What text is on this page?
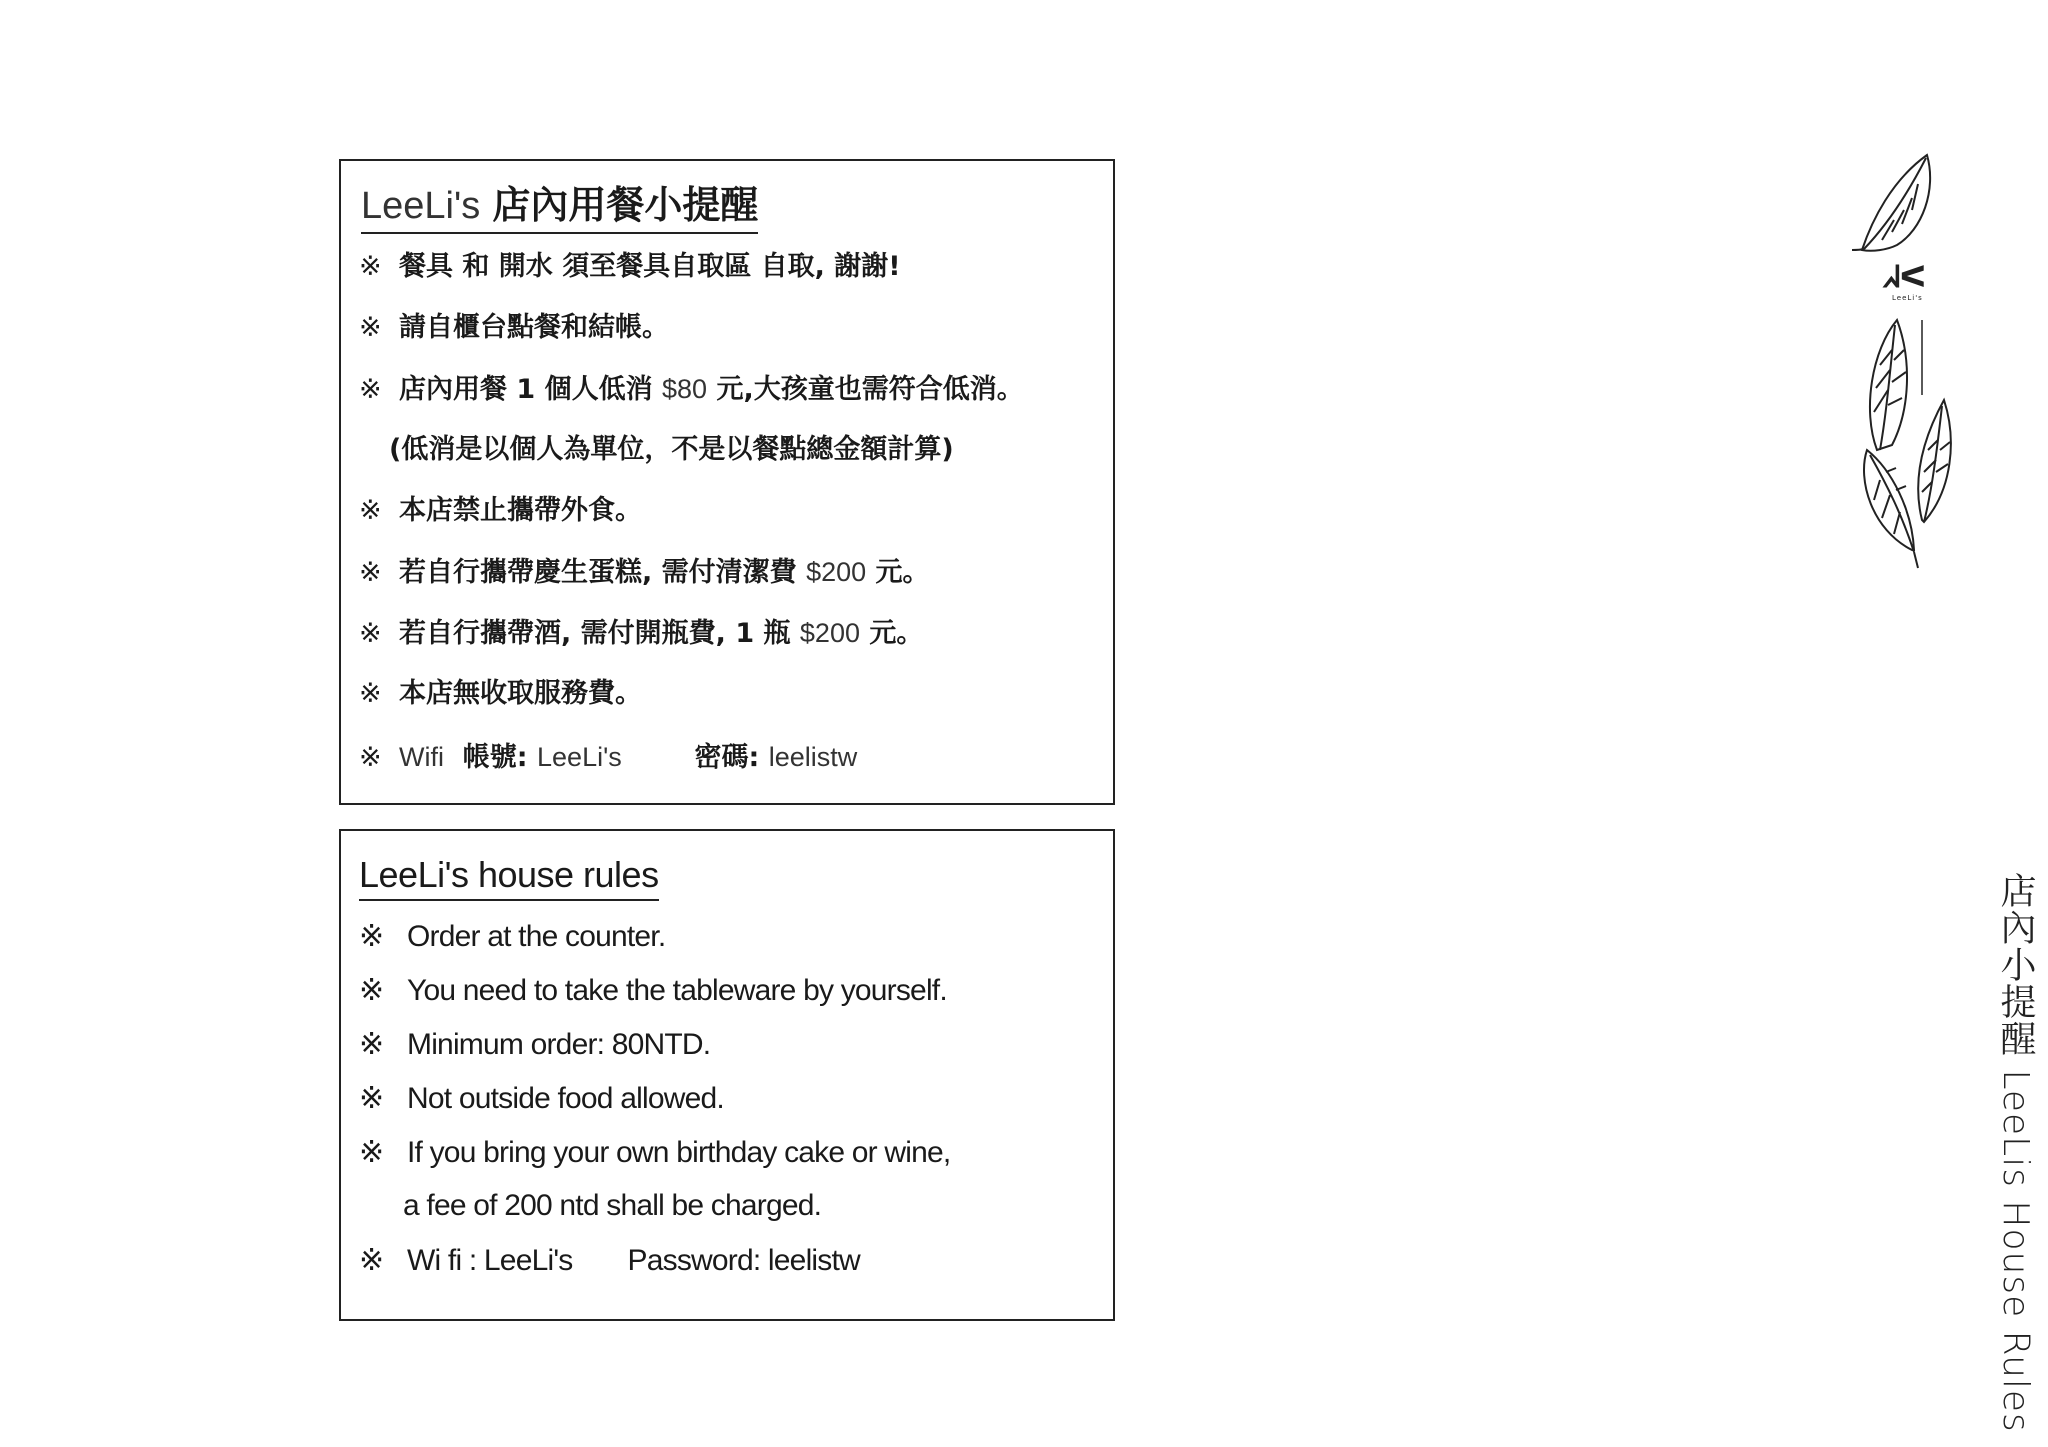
LeeLi's 店內用餐小提醒
※ 餐具 和 開水 須至餐具自取區 自取, 謝謝!
※ 請自櫃台點餐和結帳。
※ 店內用餐 1 個人低消 $80 元,大孩童也需符合低消。
(低消是以個人為單位，不是以餐點總金額計算)
※ 本店禁止攜帶外食。
※ 若自行攜帶慶生蛋糕, 需付清潔費 $200 元。
※ 若自行攜帶酒, 需付開瓶費, 1 瓶 $200 元。
※ 本店無收取服務費。
※ Wifi 帳號: LeeLi's	密碼: leelistw
LeeLi's house rules
※ Order at the counter.
※ You need to take the tableware by yourself.
※ Minimum order: 80NTD.
※ Not outside food allowed.
※ If you bring your own birthday cake or wine,
a fee of 200 ntd shall be charged.
※ Wi fi : LeeLi's Password: leelistw
ᖽᐸ
LeeLi's
店內小提醒 LeeLis House Rules
